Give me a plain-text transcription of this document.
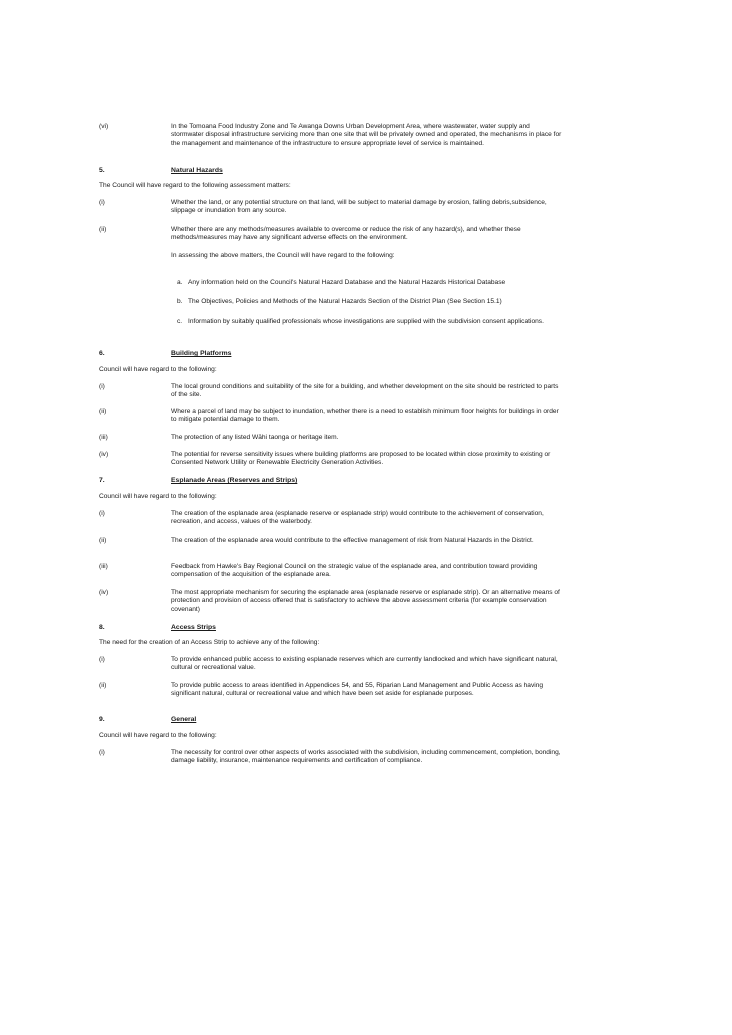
(vi)	In the Tomoana Food Industry Zone and Te Awanga Downs Urban Development Area, where wastewater, water supply and stormwater disposal infrastructure servicing more than one site that will be privately owned and operated, the mechanisms in place for the management and maintenance of the infrastructure to ensure appropriate level of service is maintained.
5.	Natural Hazards
The Council will have regard to the following assessment matters:
(i)	Whether the land, or any potential structure on that land, will be subject to material damage by erosion, falling debris,subsidence, slippage or inundation from any source.
(ii)	Whether there are any methods/measures available to overcome or reduce the risk of any hazard(s), and whether these methods/measures may have any significant adverse effects on the environment.
In assessing the above matters, the Council will have regard to the following:
a. Any information held on the Council's Natural Hazard Database and the Natural Hazards Historical Database
b. The Objectives, Policies and Methods of the Natural Hazards Section of the District Plan (See Section 15.1)
c. Information by suitably qualified professionals whose investigations are supplied with the subdivision consent applications.
6.	Building Platforms
Council will have regard to the following:
(i)	The local ground conditions and suitability of the site for a building, and whether development on the site should be restricted to parts of the site.
(ii)	Where a parcel of land may be subject to inundation, whether there is a need to establish minimum floor heights for buildings in order to mitigate potential damage to them.
(iii)	The protection of any listed Wāhi taonga or heritage item.
(iv)	The potential for reverse sensitivity issues where building platforms are proposed to be located within close proximity to existing or Consented Network Utility or Renewable Electricity Generation Activities.
7.	Esplanade Areas (Reserves and Strips)
Council will have regard to the following:
(i)	The creation of the esplanade area (esplanade reserve or esplanade strip) would contribute to the achievement of conservation, recreation, and access, values of the waterbody.
(ii)	The creation of the esplanade area would contribute to the effective management of risk from Natural Hazards in the District.
(iii)	Feedback from Hawke's Bay Regional Council on the strategic value of the esplanade area, and contribution toward providing compensation of the acquisition of the esplanade area.
(iv)	The most appropriate mechanism for securing the esplanade area (esplanade reserve or esplanade strip). Or an alternative means of protection and provision of access offered that is satisfactory to achieve the above assessment criteria (for example conservation covenant)
8.	Access Strips
The need for the creation of an Access Strip to achieve any of the following:
(i)	To provide enhanced public access to existing esplanade reserves which are currently landlocked and which have significant natural, cultural or recreational value.
(ii)	To provide public access to areas identified in Appendices 54, and 55, Riparian Land Management and Public Access as having significant natural, cultural or recreational value and which have been set aside for esplanade purposes.
9.	General
Council will have regard to the following:
(i)	The necessity for control over other aspects of works associated with the subdivision, including commencement, completion, bonding, damage liability, insurance, maintenance requirements and certification of compliance.
